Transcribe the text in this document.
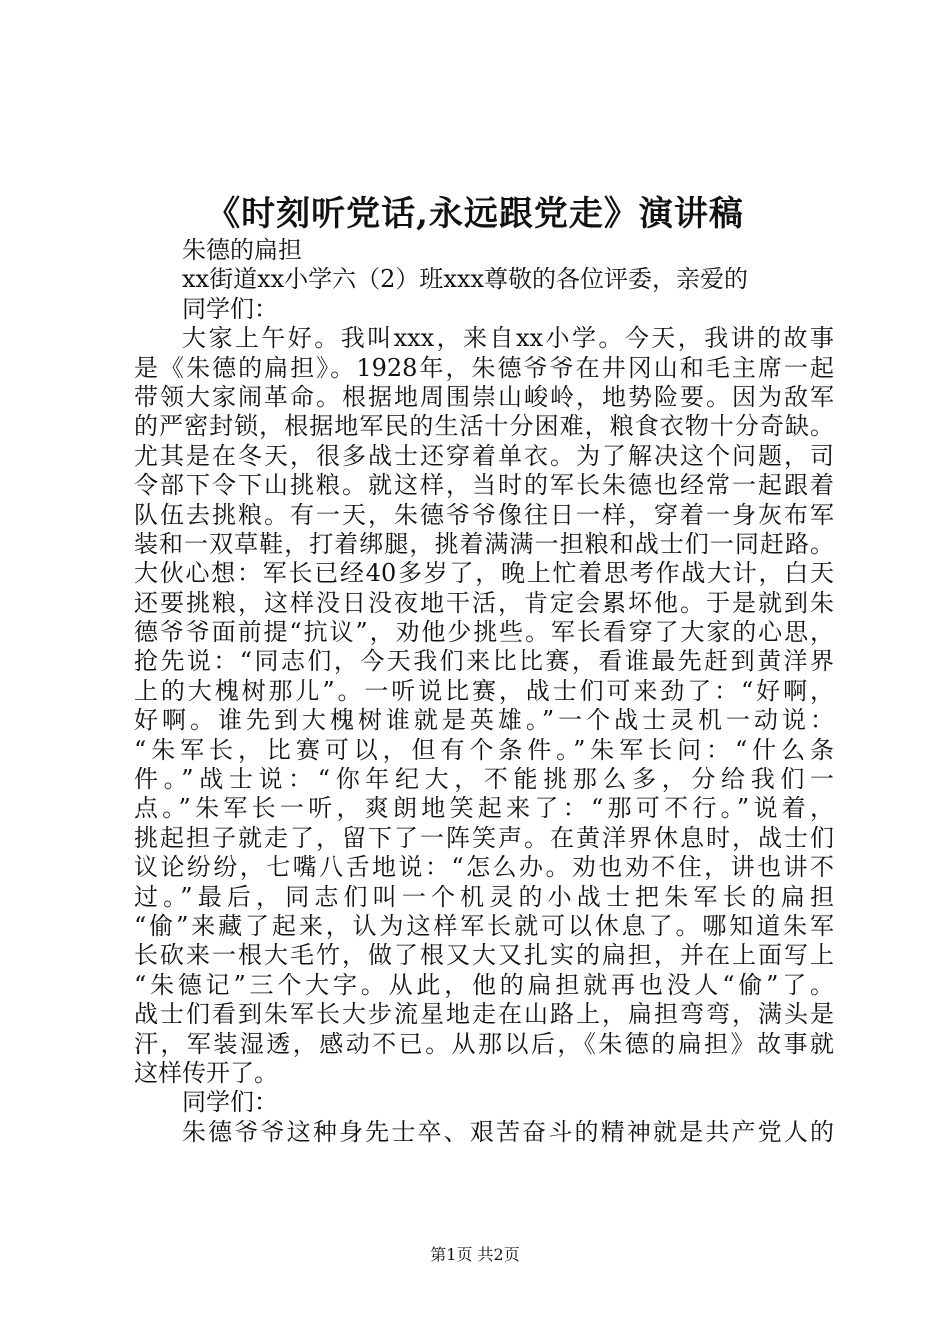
《时刻听党话,永远跟党走》演讲稿
朱德的扁担
xx街道xx小学六（2）班xxx尊敬的各位评委，亲爱的
同学们：
大家上午好。我叫xxx，来自xx小学。今天，我讲的故事
是《朱德的扁担》。1928年，朱德爷爷在井冈山和毛主席一起
带领大家闹革命。根据地周围崇山峻岭，地势险要。因为敌军
的严密封锁，根据地军民的生活十分困难，粮食衣物十分奇缺。
尤其是在冬天，很多战士还穿着单衣。为了解决这个问题，司
令部下令下山挑粮。就这样，当时的军长朱德也经常一起跟着
队伍去挑粮。有一天，朱德爷爷像往日一样，穿着一身灰布军
装和一双草鞋，打着绑腿，挑着满满一担粮和战士们一同赶路。
大伙心想：军长已经40多岁了，晚上忙着思考作战大计，白天
还要挑粮，这样没日没夜地干活，肯定会累坏他。于是就到朱
德爷爷面前提“抗议”，劝他少挑些。军长看穿了大家的心思，
抢先说：“同志们，今天我们来比比赛，看谁最先赶到黄洋界
上的大槐树那儿”。一听说比赛，战士们可来劲了：“好啊，
好啊。谁先到大槐树谁就是英雄。”一个战士灵机一动说：
“朱军长，比赛可以，但有个条件。”朱军长问：“什么条
件。”战士说：“你年纪大，不能挑那么多，分给我们一
点。”朱军长一听，爽朗地笑起来了：“那可不行。”说着，
挑起担子就走了，留下了一阵笑声。在黄洋界休息时，战士们
议论纷纷，七嘴八舌地说：“怎么办。劝也劝不住，讲也讲不
过。”最后，同志们叫一个机灵的小战士把朱军长的扁担
“偷”来藏了起来，认为这样军长就可以休息了。哪知道朱军
长砍来一根大毛竹，做了根又大又扎实的扁担，并在上面写上
“朱德记”三个大字。从此，他的扁担就再也没人“偷”了。
战士们看到朱军长大步流星地走在山路上，扁担弯弯，满头是
汗，军装湿透，感动不已。从那以后，《朱德的扁担》故事就
这样传开了。
同学们：
朱德爷爷这种身先士卒、艰苦奋斗的精神就是共产党人的
第1页 共2页
